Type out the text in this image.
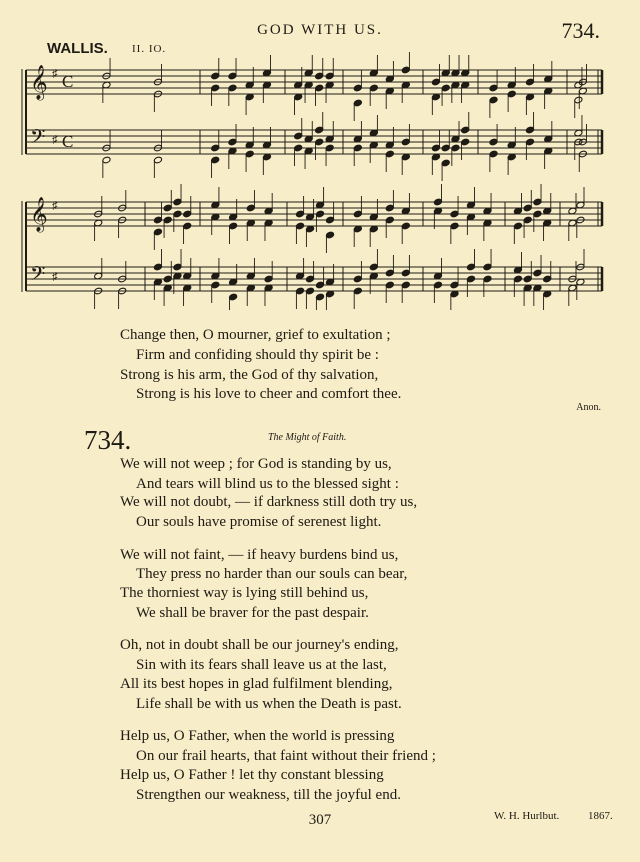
GOD WITH US.	734.
WALLIS. II. IO.
𝄞
𝄢
♯
♯
C
C
𝄞
𝄢
♯
♯
Change then, O mourner, grief to exultation ;
Firm and confiding should thy spirit be :
Strong is his arm, the God of thy salvation,
Strong is his love to cheer and comfort thee.
Anon.
734.	The Might of Faith.
We will not weep ; for God is standing by us,
And tears will blind us to the blessed sight :
We will not doubt, — if darkness still doth try us,
Our souls have promise of serenest light.
We will not faint, — if heavy burdens bind us,
They press no harder than our souls can bear,
The thorniest way is lying still behind us,
We shall be braver for the past despair.
Oh, not in doubt shall be our journey's ending,
Sin with its fears shall leave us at the last,
All its best hopes in glad fulfilment blending,
Life shall be with us when the Death is past.
Help us, O Father, when the world is pressing
On our frail hearts, that faint without their friend ;
Help us, O Father ! let thy constant blessing
Strengthen our weakness, till the joyful end.
W. H. Hurlbut.	1867.
307
